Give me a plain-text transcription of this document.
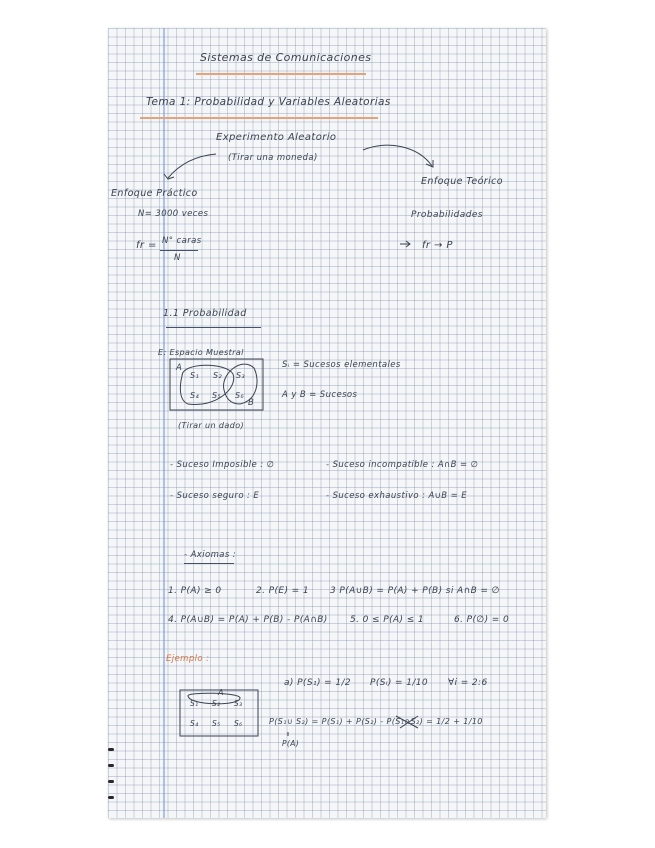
Sistemas de Comunicaciones
Tema 1: Probabilidad y Variables Aleatorias
Experimento Aleatorio
(Tirar una moneda)
Enfoque Práctico
N= 3000 veces
fr = N° caras
N
Enfoque Teórico
Probabilidades
fr → P
1.1 Probabilidad
E: Espacio Muestral
A
S₁ S₂ S₃
S₄ S₅ S₆
B
Sᵢ = Sucesos elementales
A y B = Sucesos
(Tirar un dado)
- Suceso Imposible : ∅	- Suceso incompatible : A∩B = ∅
- Suceso seguro : E	- Suceso exhaustivo : A∪B = E
- Axiomas :
1. P(A) ≥ 0	2. P(E) = 1 3 P(A∪B) = P(A) + P(B) si A∩B = ∅
4. P(A∪B) = P(A) + P(B) - P(A∩B) 5. 0 ≤ P(A) ≤ 1	6. P(∅) = 0
Ejemplo :
a) P(S₁) = 1/2 P(Sᵢ) = 1/10 ∀i = 2:6
A
S₁ S₂ S₃
S₄ S₅ S₆	P(S₁∪ S₂) = P(S₁) + P(S₂) - P(S₁∩S₂) = 1/2 + 1/10
P(A)
